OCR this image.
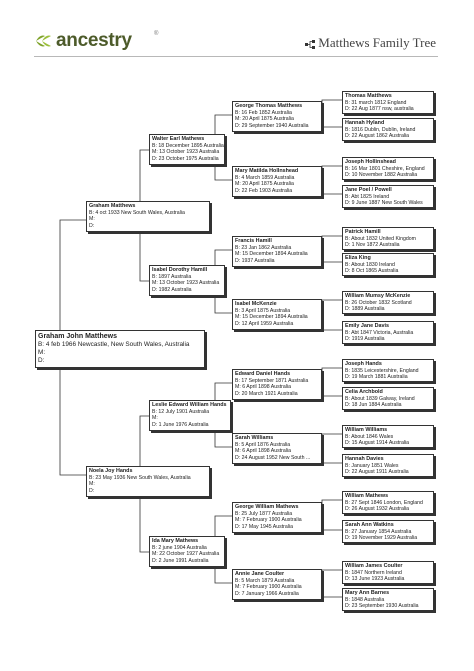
ancestry	®
Matthews Family Tree
Graham John Matthews
B: 4 feb 1966 Newcastle, New South Wales, Australia
M:
D:
Graham Matthews
B: 4 oct 1933 New South Wales, Australia
M:
D:
Noela Joy Hands
B: 23 May 1936 New South Wales, Australia
M:
D:
Walter Earl Mathews
B: 18 December 1895 Australia
M: 13 October 1923 Australia
D: 23 October 1975 Australia
Isabel Dorothy Hamill
B: 1897 Australia
M: 13 October 1923 Australia
D: 1982 Australia
Leslie Edward William Hands
B: 12 July 1901 Australia
M:
D: 1 June 1976 Australia
Ida Mary Mathews
B: 2 june 1904 Australia
M: 22 October 1927 Australia
D: 2 June 1991 Australia
George Thomas Matthews
B: 16 Feb 1852 Australia
M: 20 April 1875 Australia
D: 29 September 1940 Australia
Mary Matilda Hollnshead
B: 4 March 1859 Australia
M: 20 April 1875 Australia
D: 22 Feb 1903 Australia
Francis Hamill
B: 23 Jan 1862 Australia
M: 15 December 1894 Australia
D: 1937 Australia
Isabel McKenzie
B: 3 April 1875 Australia
M: 15 December 1894 Australia
D: 12 April 1959 Australia
Edward Daniel Hands
B: 17 September 1871 Australia
M: 6 April 1898 Australia
D: 20 March 1921 Australia
Sarah Williams
B: 5 April 1876 Australia
M: 6 April 1898 Australia
D: 24 August 1952 New South ...
George William Mathews
B: 25 July 1877 Australia
M: 7 February 1900 Australia
D: 17 May 1945 Australia
Annie Jane Coulter
B: 5 March 1879 Australia
M: 7 February 1900 Australia
D: 7 January 1966 Australia
Thomas Matthews
B: 31 march 1812 England
D: 22 Aug 1877 nsw, australia
Hannah Hyland
B: 1816 Dublin, Dublin, Ireland
D: 22 August 1862 Australia
Joseph Hollinshead
B: 16 Mar 1801 Cheshire, England
D: 10 November 1882 Australia
Jane Poel / Powell
B: Abt 1825 Ireland
D: 9 June 1887 New South Wales
Patrick Hamill
B: About 1832 United Kingdom
D: 1 Nov 1872 Australia
Eliza King
B: About 1830 Ireland
D: 8 Oct 1865 Australia
William Mumsy McKenzie
B: 26 October 1832 Scotland
D: 1889 Australia
Emily Jane Davis
B: Abt 1847 Victoria, Australia
D: 1919 Australia
Joseph Hands
B: 1835 Leicestershire, England
D: 19 March 1881 Australia
Celia Archbold
B: About 1839 Galway, Ireland
D: 18 Jun 1884 Australia
William Williams
B: About 1846 Wales
D: 15 August 1914 Australia
Hannah Davies
B: January 1851 Wales
D: 22 August 1911 Australia
William Mathews
B: 27 Sept 1846 London, England
D: 26 August 1932 Australia
Sarah Ann Watkins
B: 27 January 1854 Australia
D: 19 November 1929 Australia
William James Coulter
B: 1847 Northern Ireland
D: 13 June 1923 Australia
Mary Ann Barnes
B: 1848 Australia
D: 23 September 1930 Australia
